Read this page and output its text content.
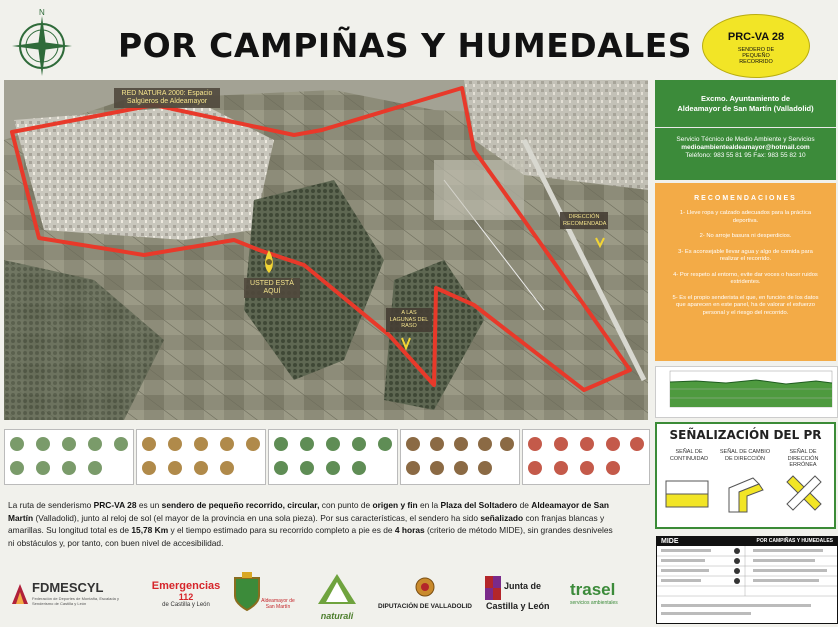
N
POR CAMPIÑAS Y HUMEDALES	PRC-VA 28
SENDERO DE PEQUEÑO RECORRIDO
RED NATURA 2000: Espacio Salgüeros de Aldeamayor
USTED ESTÁ AQUÍ
DIRECCIÓN RECOMENDADA
A LAS LAGUNAS DEL RASO
Excmo. Ayuntamiento de
Aldeamayor de San Martín (Valladolid)
Servicio Técnico de Medio Ambiente y Servicios
medioambientealdeamayor@hotmail.com
Teléfono: 983 55 81 95 Fax: 983 55 82 10
RECOMENDACIONES
1- Lleve ropa y calzado adecuados para la práctica deportiva.
2- No arroje basura ni desperdicios.
3- Es aconsejable llevar agua y algo de comida para realizar el recorrido.
4- Por respeto al entorno, evite dar voces o hacer ruidos estridentes.
5- Es el propio senderista el que, en función de los datos que aparecen en este panel, ha de valorar el esfuerzo personal y el riesgo del recorrido.
SEÑALIZACIÓN DEL PR
SEÑAL DE CONTINUIDAD
SEÑAL DE CAMBIO DE DIRECCIÓN
SEÑAL DE DIRECCIÓN ERRÓNEA
La ruta de senderismo PRC-VA 28 es un sendero de pequeño recorrido, circular, con punto de origen y fin en la Plaza del Soltadero de Aldeamayor de San Martín (Valladolid), junto al reloj de sol (el mayor de la provincia en una sola pieza). Por sus características, el sendero ha sido señalizado con franjas blancas y amarillas. Su longitud total es de 15,78 Km y el tiempo estimado para su recorrido completo a pie es de 4 horas (criterio de método MIDE), sin grandes desniveles ni obstáculos y, por tanto, con buen nivel de accesibilidad.	MIDE	POR CAMPIÑAS Y HUMEDALES
FDMESCYL
Federación de Deportes de Montaña, Escalada y Senderismo de Castilla y León
Emergencias
112
de Castilla y León
Aldeamayor de San Martín
naturali
DIPUTACIÓN DE VALLADOLID
Junta de
Castilla y León
trasel
servicios ambientales
